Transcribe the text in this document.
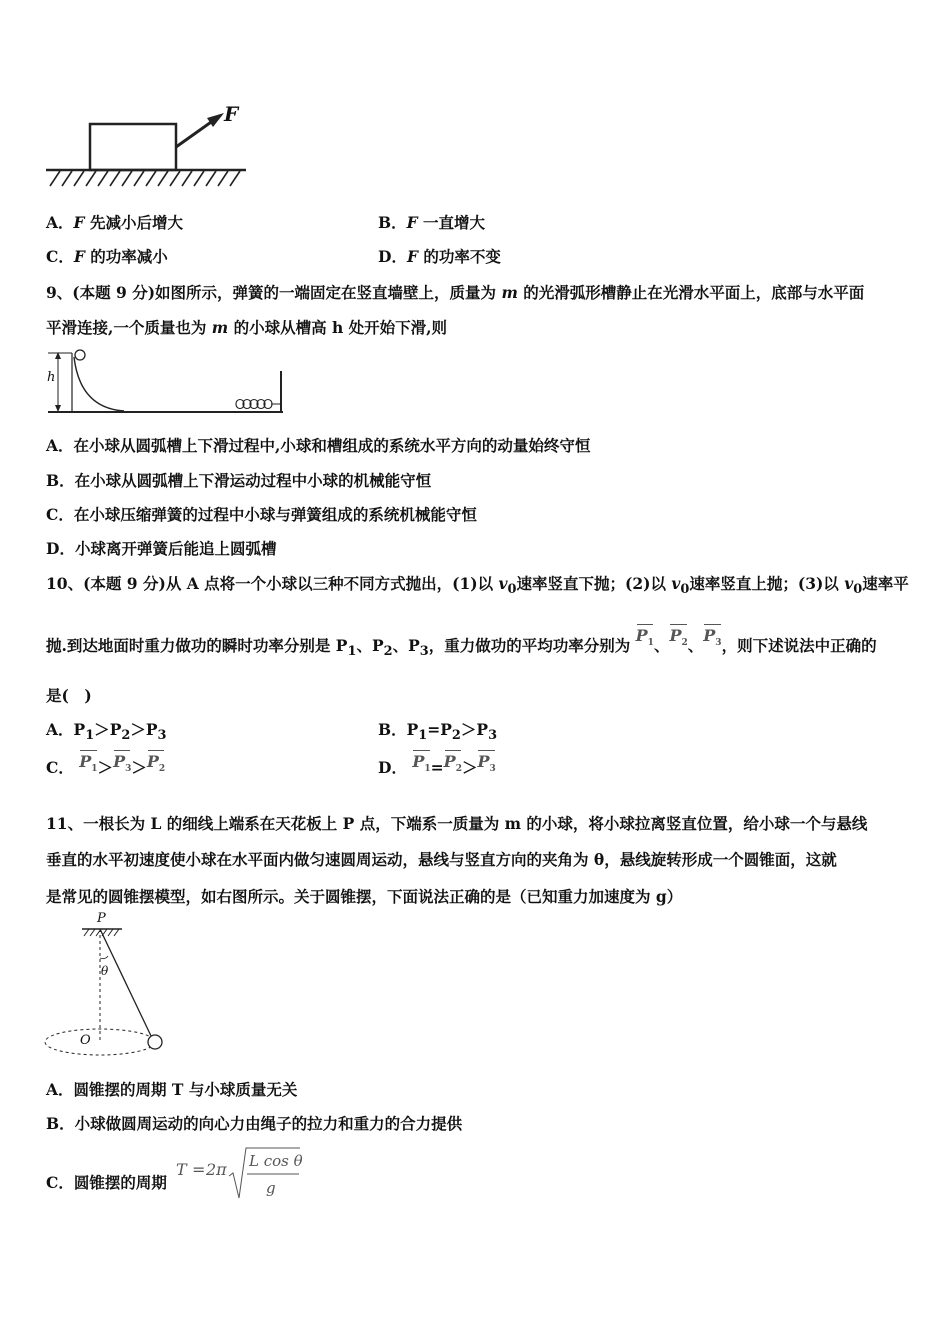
F
A．F 先减小后增大	B．F 一直增大
C．F 的功率减小	D．F 的功率不变
9、(本题 9 分)如图所示，弹簧的一端固定在竖直墙壁上，质量为 m 的光滑弧形槽静止在光滑水平面上，底部与水平面
平滑连接,一个质量也为 m 的小球从槽高 h 处开始下滑,则
h
A．在小球从圆弧槽上下滑过程中,小球和槽组成的系统水平方向的动量始终守恒
B．在小球从圆弧槽上下滑运动过程中小球的机械能守恒
C．在小球压缩弹簧的过程中小球与弹簧组成的系统机械能守恒
D．小球离开弹簧后能追上圆弧槽
10、(本题 9 分)从 A 点将一个小球以三种不同方式抛出，(1)以 $v_0$速率竖直下抛；(2)以 $v_0$速率竖直上抛；(3)以 $v_0$速率平
抛.到达地面时重力做功的瞬时功率分别是 $P_1$、$P_2$、$P_3$，重力做功的平均功率分别为 $P_1$、$P_2$、$P_3$，则下述说法中正确的
是(　)
A．$P_1>P_2>P_3$	B．$P_1=P_2>P_3$
C． $P_1>P_3>P_2$	D． $P_1=P_2>P_3$
11、一根长为 L 的细线上端系在天花板上 P 点，下端系一质量为 m 的小球，将小球拉离竖直位置，给小球一个与悬线
垂直的水平初速度使小球在水平面内做匀速圆周运动，悬线与竖直方向的夹角为 θ，悬线旋转形成一个圆锥面，这就
是常见的圆锥摆模型，如右图所示。关于圆锥摆，下面说法正确的是（已知重力加速度为 g）
P
θ
O
A．圆锥摆的周期 T 与小球质量无关
B．小球做圆周运动的向心力由绳子的拉力和重力的合力提供
C．圆锥摆的周期
T = 2π L cos θ
g
